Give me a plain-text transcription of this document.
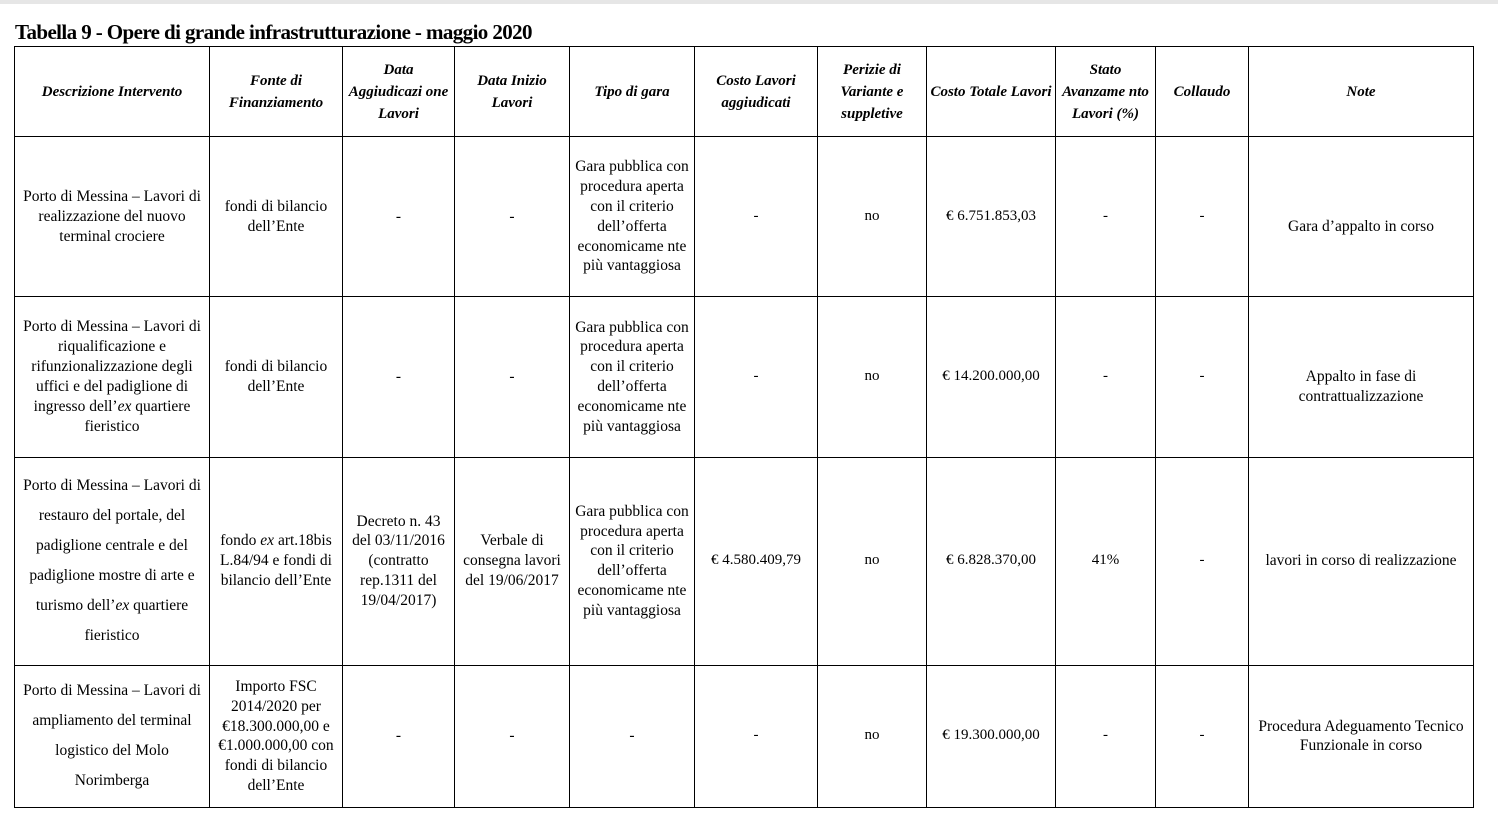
Tabella 9 - Opere di grande infrastrutturazione - maggio 2020
Descrizione Intervento	Fonte di Finanziamento	Data Aggiudicazi one Lavori	Data Inizio Lavori	Tipo di gara	Costo Lavori aggiudicati	Perizie di Variante e suppletive	Costo Totale Lavori	Stato Avanzame nto Lavori (%)	Collaudo	Note
Porto di Messina – Lavori di realizzazione del nuovo terminal crociere	fondi di bilancio dell’Ente	-	-	Gara pubblica con procedura aperta con il criterio dell’offerta economicame nte più vantaggiosa	-	no	€ 6.751.853,03	-	-	Gara d’appalto in corso
Porto di Messina – Lavori di riqualificazione e rifunzionalizzazione degli uffici e del padiglione di ingresso dell’ex quartiere fieristico	fondi di bilancio dell’Ente	-	-	Gara pubblica con procedura aperta con il criterio dell’offerta economicame nte più vantaggiosa	-	no	€ 14.200.000,00	-	-	Appalto in fase di contrattualizzazione
Porto di Messina – Lavori di restauro del portale, del padiglione centrale e del padiglione mostre di arte e turismo dell’ex quartiere fieristico	fondo ex art.18bis L.84/94 e fondi di bilancio dell’Ente	Decreto n. 43 del 03/11/2016 (contratto rep.1311 del 19/04/2017)	Verbale di consegna lavori del 19/06/2017	Gara pubblica con procedura aperta con il criterio dell’offerta economicame nte più vantaggiosa	€ 4.580.409,79	no	€ 6.828.370,00	41%	-	lavori in corso di realizzazione
Porto di Messina – Lavori di ampliamento del terminal logistico del Molo Norimberga	Importo FSC 2014/2020 per €18.300.000,00 e €1.000.000,00 con fondi di bilancio dell’Ente	-	-	-	-	no	€ 19.300.000,00	-	-	Procedura Adeguamento Tecnico Funzionale in corso
